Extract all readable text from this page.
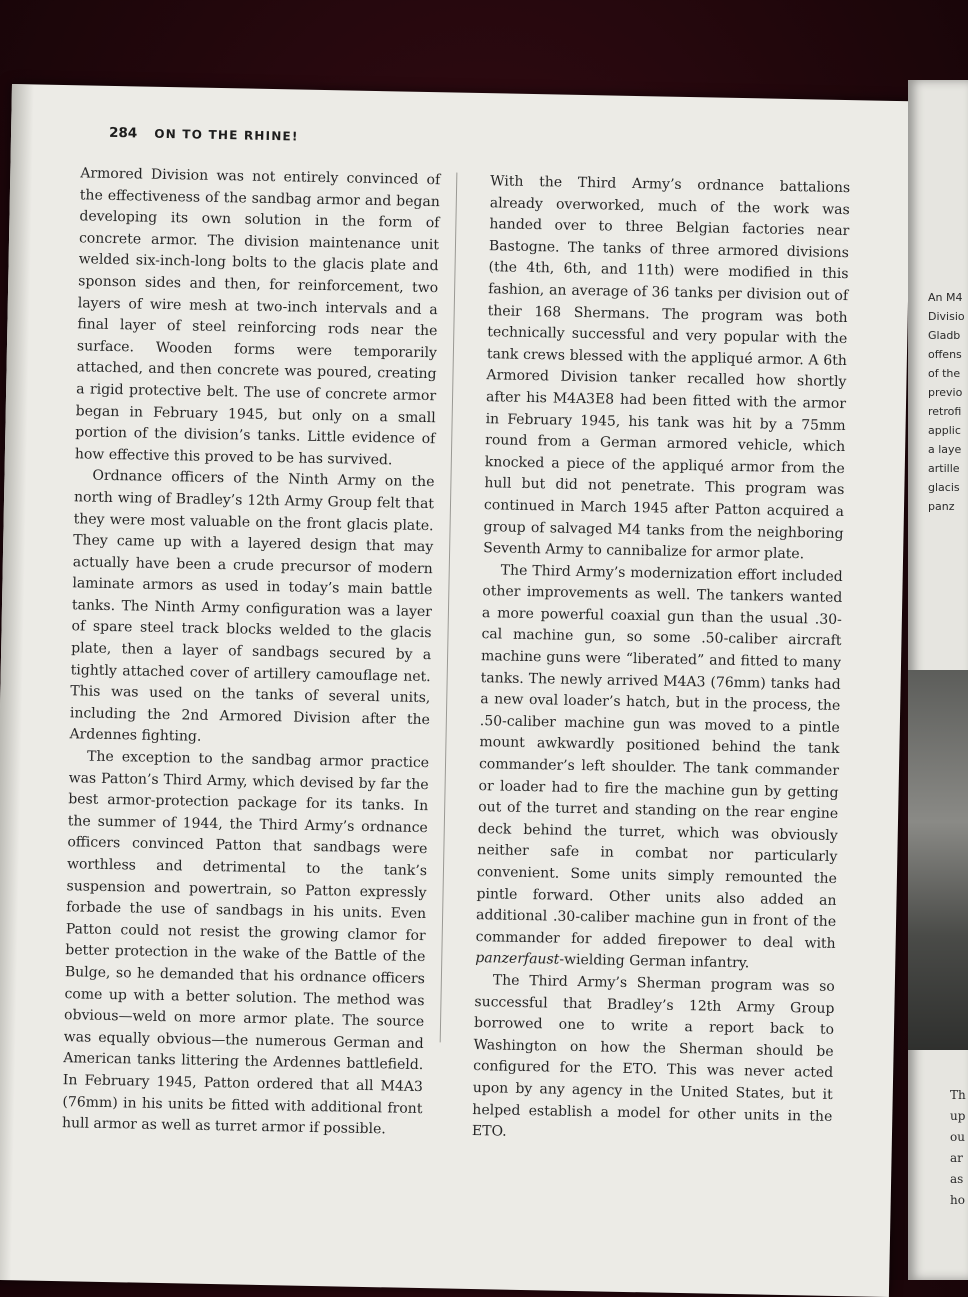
284 ON TO THE RHINE!

Armored Division was not entirely convinced of the effectiveness of the sandbag armor and began developing its own solution in the form of concrete armor. The division maintenance unit welded six-inch-long bolts to the glacis plate and sponson sides and then, for reinforcement, two layers of wire mesh at two-inch intervals and a final layer of steel reinforcing rods near the surface. Wooden forms were temporarily attached, and then concrete was poured, creating a rigid protective belt. The use of concrete armor began in February 1945, but only on a small portion of the division’s tanks. Little evidence of how effective this proved to be has survived.

Ordnance officers of the Ninth Army on the north wing of Bradley’s 12th Army Group felt that they were most valuable on the front glacis plate. They came up with a layered design that may actually have been a crude precursor of modern laminate armors as used in today’s main battle tanks. The Ninth Army configuration was a layer of spare steel track blocks welded to the glacis plate, then a layer of sandbags secured by a tightly attached cover of artillery camouflage net. This was used on the tanks of several units, including the 2nd Armored Division after the Ardennes fighting.

The exception to the sandbag armor practice was Patton’s Third Army, which devised by far the best armor-protection package for its tanks. In the summer of 1944, the Third Army’s ordnance officers convinced Patton that sandbags were worthless and detrimental to the tank’s suspension and powertrain, so Patton expressly forbade the use of sandbags in his units. Even Patton could not resist the growing clamor for better protection in the wake of the Battle of the Bulge, so he demanded that his ordnance officers come up with a better solution. The method was obvious—weld on more armor plate. The source was equally obvious—the numerous German and American tanks littering the Ardennes battlefield. In February 1945, Patton ordered that all M4A3 (76mm) in his units be fitted with additional front hull armor as well as turret armor if possible.

With the Third Army’s ordnance battalions already overworked, much of the work was handed over to three Belgian factories near Bastogne. The tanks of three armored divisions (the 4th, 6th, and 11th) were modified in this fashion, an average of 36 tanks per division out of their 168 Shermans. The program was both technically successful and very popular with the tank crews blessed with the appliqué armor. A 6th Armored Division tanker recalled how shortly after his M4A3E8 had been fitted with the armor in February 1945, his tank was hit by a 75mm round from a German armored vehicle, which knocked a piece of the appliqué armor from the hull but did not penetrate. This program was continued in March 1945 after Patton acquired a group of salvaged M4 tanks from the neighboring Seventh Army to cannibalize for armor plate.

The Third Army’s modernization effort included other improvements as well. The tankers wanted a more powerful coaxial gun than the usual .30-cal machine gun, so some .50-caliber aircraft machine guns were “liberated” and fitted to many tanks. The newly arrived M4A3 (76mm) tanks had a new oval loader’s hatch, but in the process, the .50-caliber machine gun was moved to a pintle mount awkwardly positioned behind the tank commander’s left shoulder. The tank commander or loader had to fire the machine gun by getting out of the turret and standing on the rear engine deck behind the turret, which was obviously neither safe in combat nor particularly convenient. Some units simply remounted the pintle forward. Other units also added an additional .30-caliber machine gun in front of the commander for added firepower to deal with panzerfaust-wielding German infantry.

The Third Army’s Sherman program was so successful that Bradley’s 12th Army Group borrowed one to write a report back to Washington on how the Sherman should be configured for the ETO. This was never acted upon by any agency in the United States, but it helped establish a model for other units in the ETO.

An M4
Divisio
Gladb
offens
of the
previo
retrofi
applic
a laye
artille
glacis
panz
Th
up
ou
ar
as
ho
